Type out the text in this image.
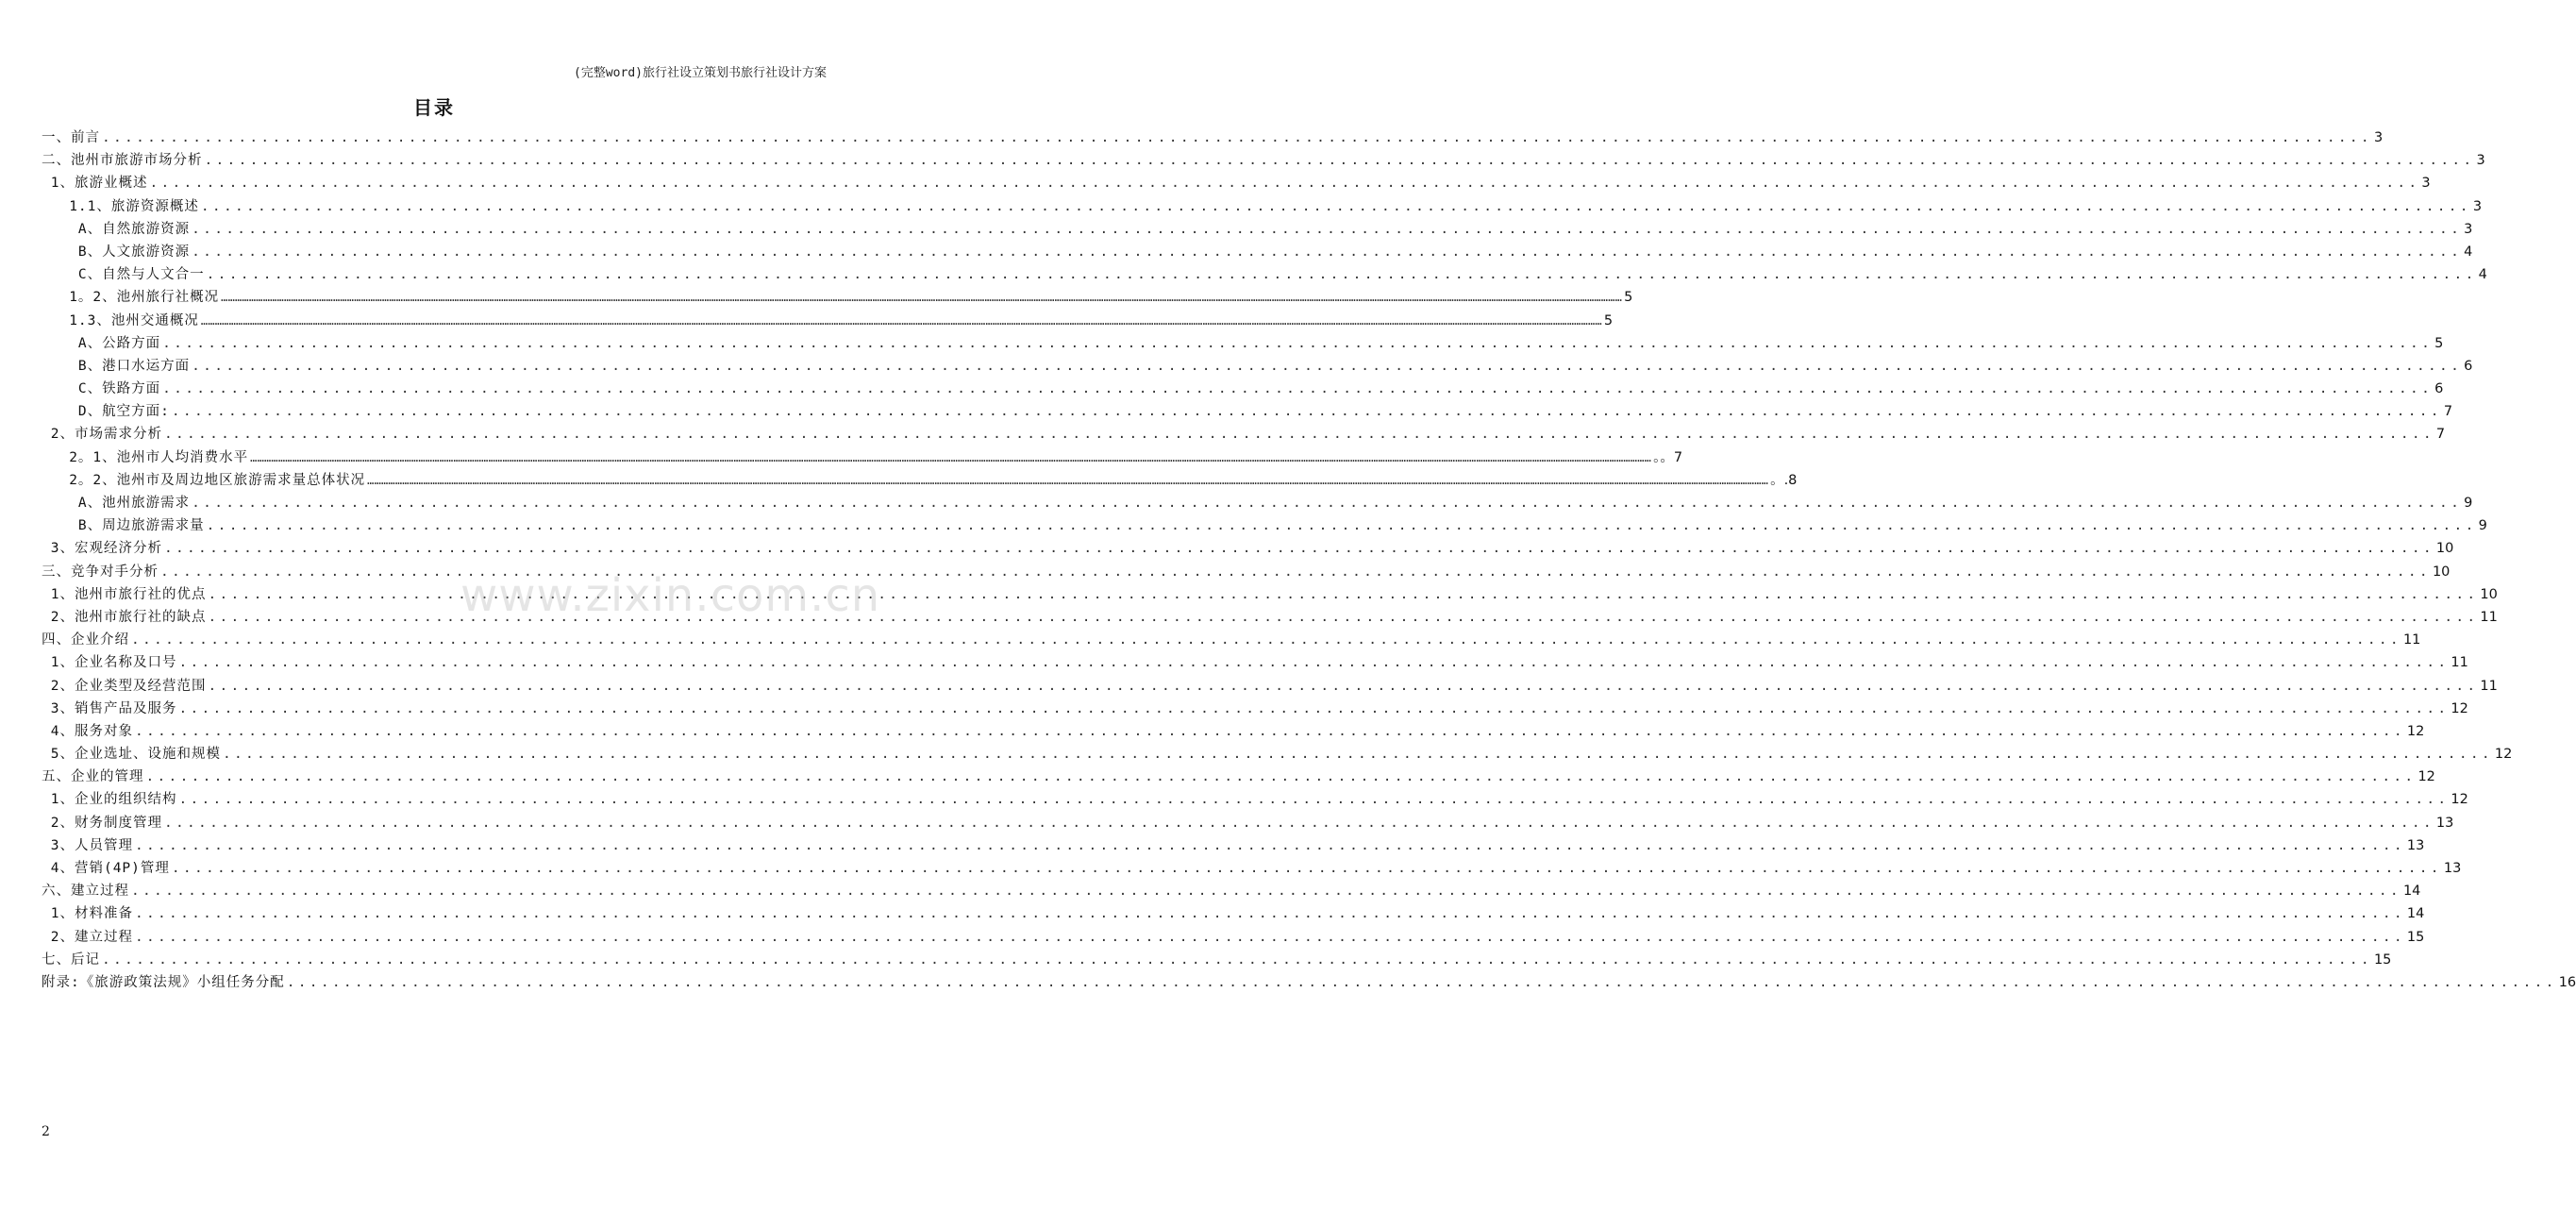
(完整word)旅行社设立策划书旅行社设计方案
目录
一、前言 ........................................................................................................................................................................................................ 3
二、池州市旅游市场分析 ........................................................................................................................................................................................................ 3
1、旅游业概述 ........................................................................................................................................................................................................ 3
1.1、旅游资源概述 ........................................................................................................................................................................................................ 3
A、自然旅游资源 ........................................................................................................................................................................................................ 3
B、人文旅游资源 ........................................................................................................................................................................................................ 4
C、自然与人文合一 ........................................................................................................................................................................................................ 4
1。2、池州旅行社概况 …………………………………………………………………………………………………………………………………………………………………………………………………………………………………………………………………………………………………………………………………………………………………………………………………………………………………………………………………………………………………………………………………………………… 5
1.3、池州交通概况 …………………………………………………………………………………………………………………………………………………………………………………………………………………………………………………………………………………………………………………………………………………………………………………………………………………………………………………………………………………………………………………………………………………… 5
A、公路方面 ........................................................................................................................................................................................................ 5
B、港口水运方面 ........................................................................................................................................................................................................ 6
C、铁路方面 ........................................................................................................................................................................................................ 6
D、航空方面: ........................................................................................................................................................................................................ 7
2、市场需求分析 ........................................................................................................................................................................................................ 7
2。1、池州市人均消费水平 …………………………………………………………………………………………………………………………………………………………………………………………………………………………………………………………………………………………………………………………………………………………………………………………………………………………………………………………………………………………………………………………………………………… 。。7
2。2、池州市及周边地区旅游需求量总体状况 …………………………………………………………………………………………………………………………………………………………………………………………………………………………………………………………………………………………………………………………………………………………………………………………………………………………………………………………………………………………………………………………………………………… 。.8
A、池州旅游需求 ........................................................................................................................................................................................................ 9
B、周边旅游需求量 ........................................................................................................................................................................................................ 9
3、宏观经济分析 ........................................................................................................................................................................................................ 10
三、竞争对手分析 ........................................................................................................................................................................................................ 10
1、池州市旅行社的优点 ........................................................................................................................................................................................................ 10
2、池州市旅行社的缺点 ........................................................................................................................................................................................................ 11
四、企业介绍 ........................................................................................................................................................................................................ 11
1、企业名称及口号 ........................................................................................................................................................................................................ 11
2、企业类型及经营范围 ........................................................................................................................................................................................................ 11
3、销售产品及服务 ........................................................................................................................................................................................................ 12
4、服务对象 ........................................................................................................................................................................................................ 12
5、企业选址、设施和规模 ........................................................................................................................................................................................................ 12
五、企业的管理 ........................................................................................................................................................................................................ 12
1、企业的组织结构 ........................................................................................................................................................................................................ 12
2、财务制度管理 ........................................................................................................................................................................................................ 13
3、人员管理 ........................................................................................................................................................................................................ 13
4、营销(4P)管理 ........................................................................................................................................................................................................ 13
六、建立过程 ........................................................................................................................................................................................................ 14
1、材料准备 ........................................................................................................................................................................................................ 14
2、建立过程 ........................................................................................................................................................................................................ 15
七、后记 ........................................................................................................................................................................................................ 15
附录:《旅游政策法规》小组任务分配 ........................................................................................................................................................................................................ 16
www.zixin.com.cn
2
